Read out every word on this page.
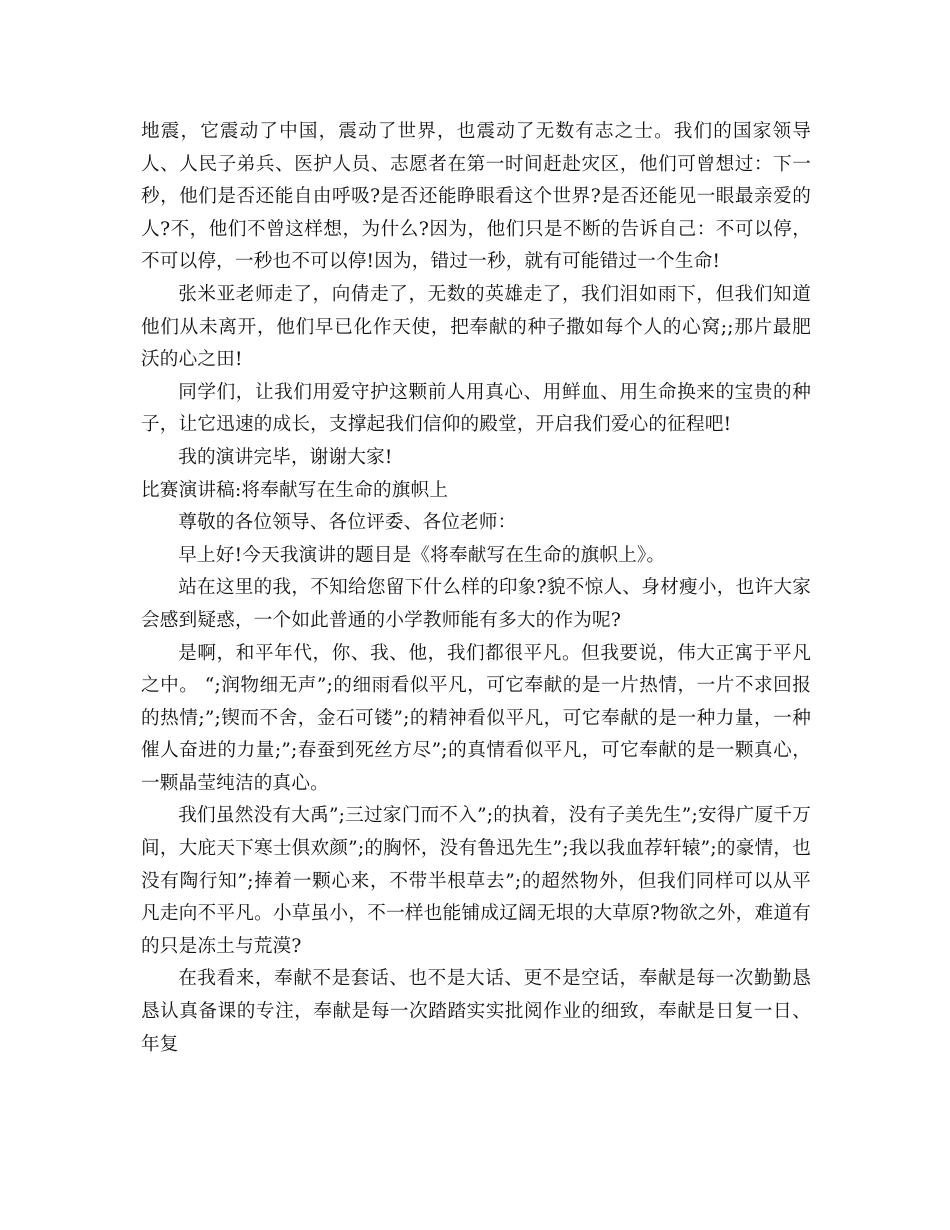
地震，它震动了中国，震动了世界，也震动了无数有志之士。我们的国家领导人、人民子弟兵、医护人员、志愿者在第一时间赶赴灾区，他们可曾想过：下一秒，他们是否还能自由呼吸?是否还能睁眼看这个世界?是否还能见一眼最亲爱的人?不，他们不曾这样想，为什么?因为，他们只是不断的告诉自己：不可以停，不可以停，一秒也不可以停!因为，错过一秒，就有可能错过一个生命!

张米亚老师走了，向倩走了，无数的英雄走了，我们泪如雨下，但我们知道他们从未离开，他们早已化作天使，把奉献的种子撒如每个人的心窝;;那片最肥沃的心之田!

同学们，让我们用爱守护这颗前人用真心、用鲜血、用生命换来的宝贵的种子，让它迅速的成长，支撑起我们信仰的殿堂，开启我们爱心的征程吧!

我的演讲完毕，谢谢大家!

比赛演讲稿:将奉献写在生命的旗帜上

尊敬的各位领导、各位评委、各位老师：

早上好!今天我演讲的题目是《将奉献写在生命的旗帜上》。

站在这里的我，不知给您留下什么样的印象?貌不惊人、身材瘦小，也许大家会感到疑惑，一个如此普通的小学教师能有多大的作为呢?

是啊，和平年代，你、我、他，我们都很平凡。但我要说，伟大正寓于平凡之中。 “;润物细无声”;的细雨看似平凡，可它奉献的是一片热情，一片不求回报的热情;”;锲而不舍，金石可镂”;的精神看似平凡，可它奉献的是一种力量，一种催人奋进的力量;”;春蚕到死丝方尽”;的真情看似平凡，可它奉献的是一颗真心，一颗晶莹纯洁的真心。

我们虽然没有大禹”;三过家门而不入”;的执着，没有子美先生”;安得广厦千万间，大庇天下寒士俱欢颜”;的胸怀，没有鲁迅先生”;我以我血荐轩辕”;的豪情，也没有陶行知”;捧着一颗心来，不带半根草去”;的超然物外，但我们同样可以从平凡走向不平凡。小草虽小，不一样也能铺成辽阔无垠的大草原?物欲之外，难道有的只是冻土与荒漠?

在我看来，奉献不是套话、也不是大话、更不是空话，奉献是每一次勤勤恳恳认真备课的专注，奉献是每一次踏踏实实批阅作业的细致，奉献是日复一日、年复
